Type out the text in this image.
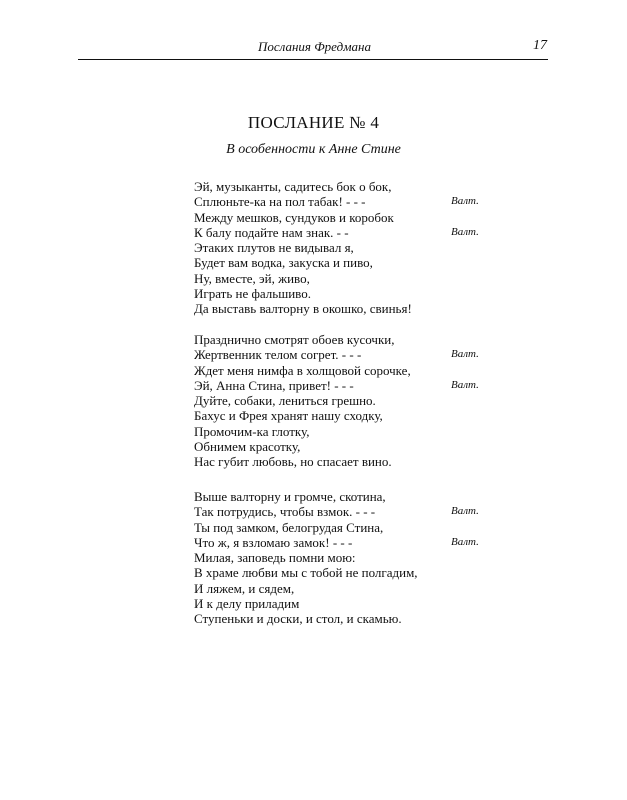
Послания Фредмана	17
ПОСЛАНИЕ № 4
В особенности к Анне Стине
Эй, музыканты, садитесь бок о бок,
Сплюньте-ка на пол табак! - - -	Валт.
Между мешков, сундуков и коробок
К балу подайте нам знак. - -	Валт.
Этаких плутов не видывал я,
Будет вам водка, закуска и пиво,
Ну, вместе, эй, живо,
Играть не фальшиво.
Да выставь валторну в окошко, свинья!
Празднично смотрят обоев кусочки,
Жертвенник телом согрет. - - -	Валт.
Ждет меня нимфа в холщовой сорочке,
Эй, Анна Стина, привет! - - -	Валт.
Дуйте, собаки, лениться грешно.
Бахус и Фрея хранят нашу сходку,
Промочим-ка глотку,
Обнимем красотку,
Нас губит любовь, но спасает вино.
Выше валторну и громче, скотина,
Так потрудись, чтобы взмок. - - -	Валт.
Ты под замком, белогрудая Стина,
Что ж, я взломаю замок! - - -	Валт.
Милая, заповедь помни мою:
В храме любви мы с тобой не полгадим,
И ляжем, и сядем,
И к делу приладим
Ступеньки и доски, и стол, и скамью.
